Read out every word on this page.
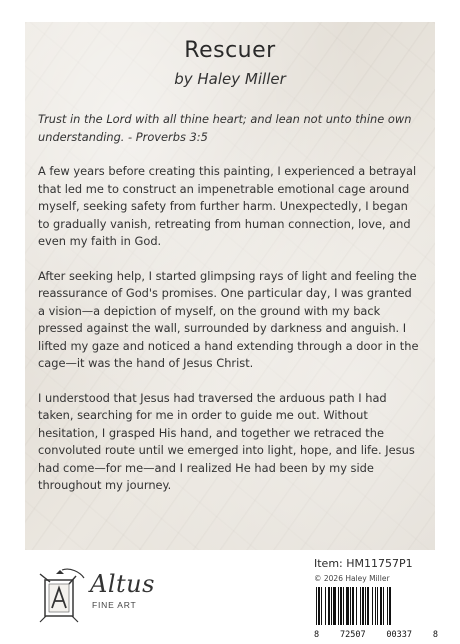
Rescuer
by Haley Miller

Trust in the Lord with all thine heart; and lean not unto thine own understanding. - Proverbs 3:5

A few years before creating this painting, I experienced a betrayal that led me to construct an impenetrable emotional cage around myself, seeking safety from further harm. Unexpectedly, I began to gradually vanish, retreating from human connection, love, and even my faith in God.

After seeking help, I started glimpsing rays of light and feeling the reassurance of God's promises. One particular day, I was granted a vision—a depiction of myself, on the ground with my back pressed against the wall, surrounded by darkness and anguish. I lifted my gaze and noticed a hand extending through a door in the cage—it was the hand of Jesus Christ.

I understood that Jesus had traversed the arduous path I had taken, searching for me in order to guide me out. Without hesitation, I grasped His hand, and together we retraced the convoluted route until we emerged into light, hope, and life. Jesus had come—for me—and I realized He had been by my side throughout my journey.

Altus
FINE ART
Item: HM11757P1
© 2026 Haley Miller
8 72507 00337 8
